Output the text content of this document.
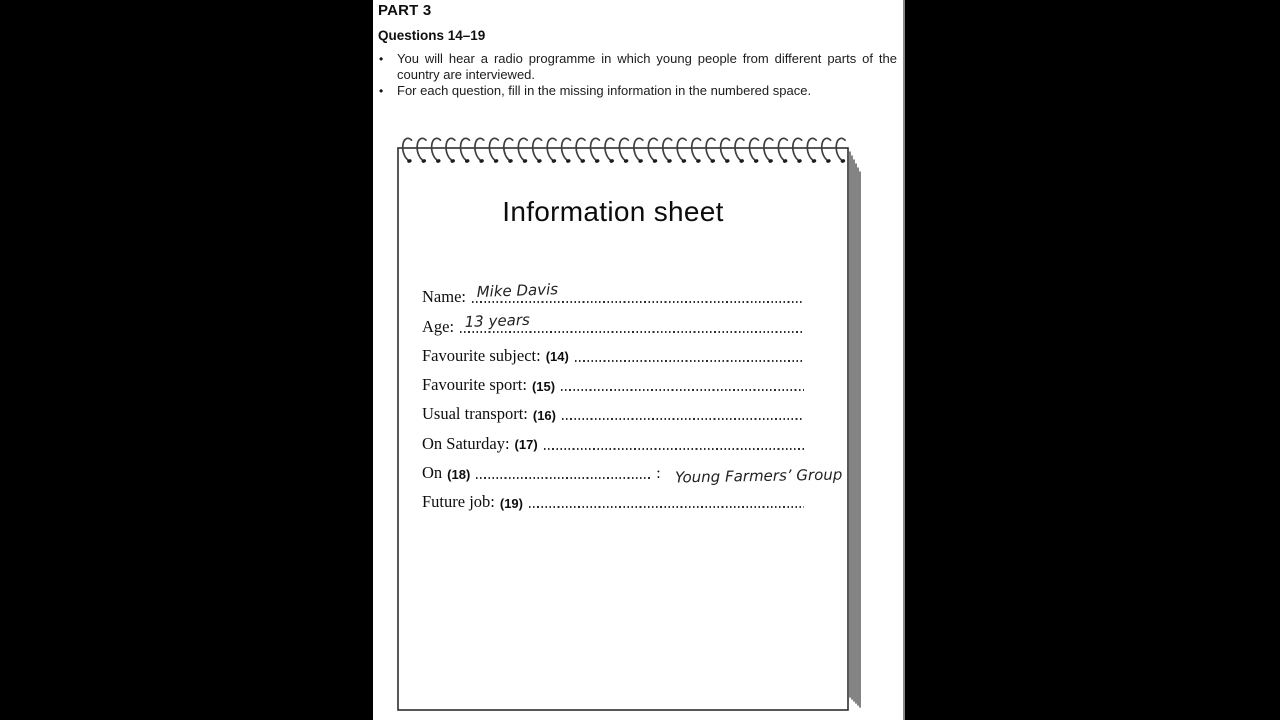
PART 3
Questions 14–19
•	You will hear a radio programme in which young people from different parts of the country are interviewed.

•	For each question, fill in the missing information in the numbered space.

Information sheet
Name: Mike Davis
Age: 13 years
Favourite subject: (14)
Favourite sport: (15)
Usual transport: (16)
On Saturday: (17)
On (18)	: Young Farmers’ Group
Future job: (19)
